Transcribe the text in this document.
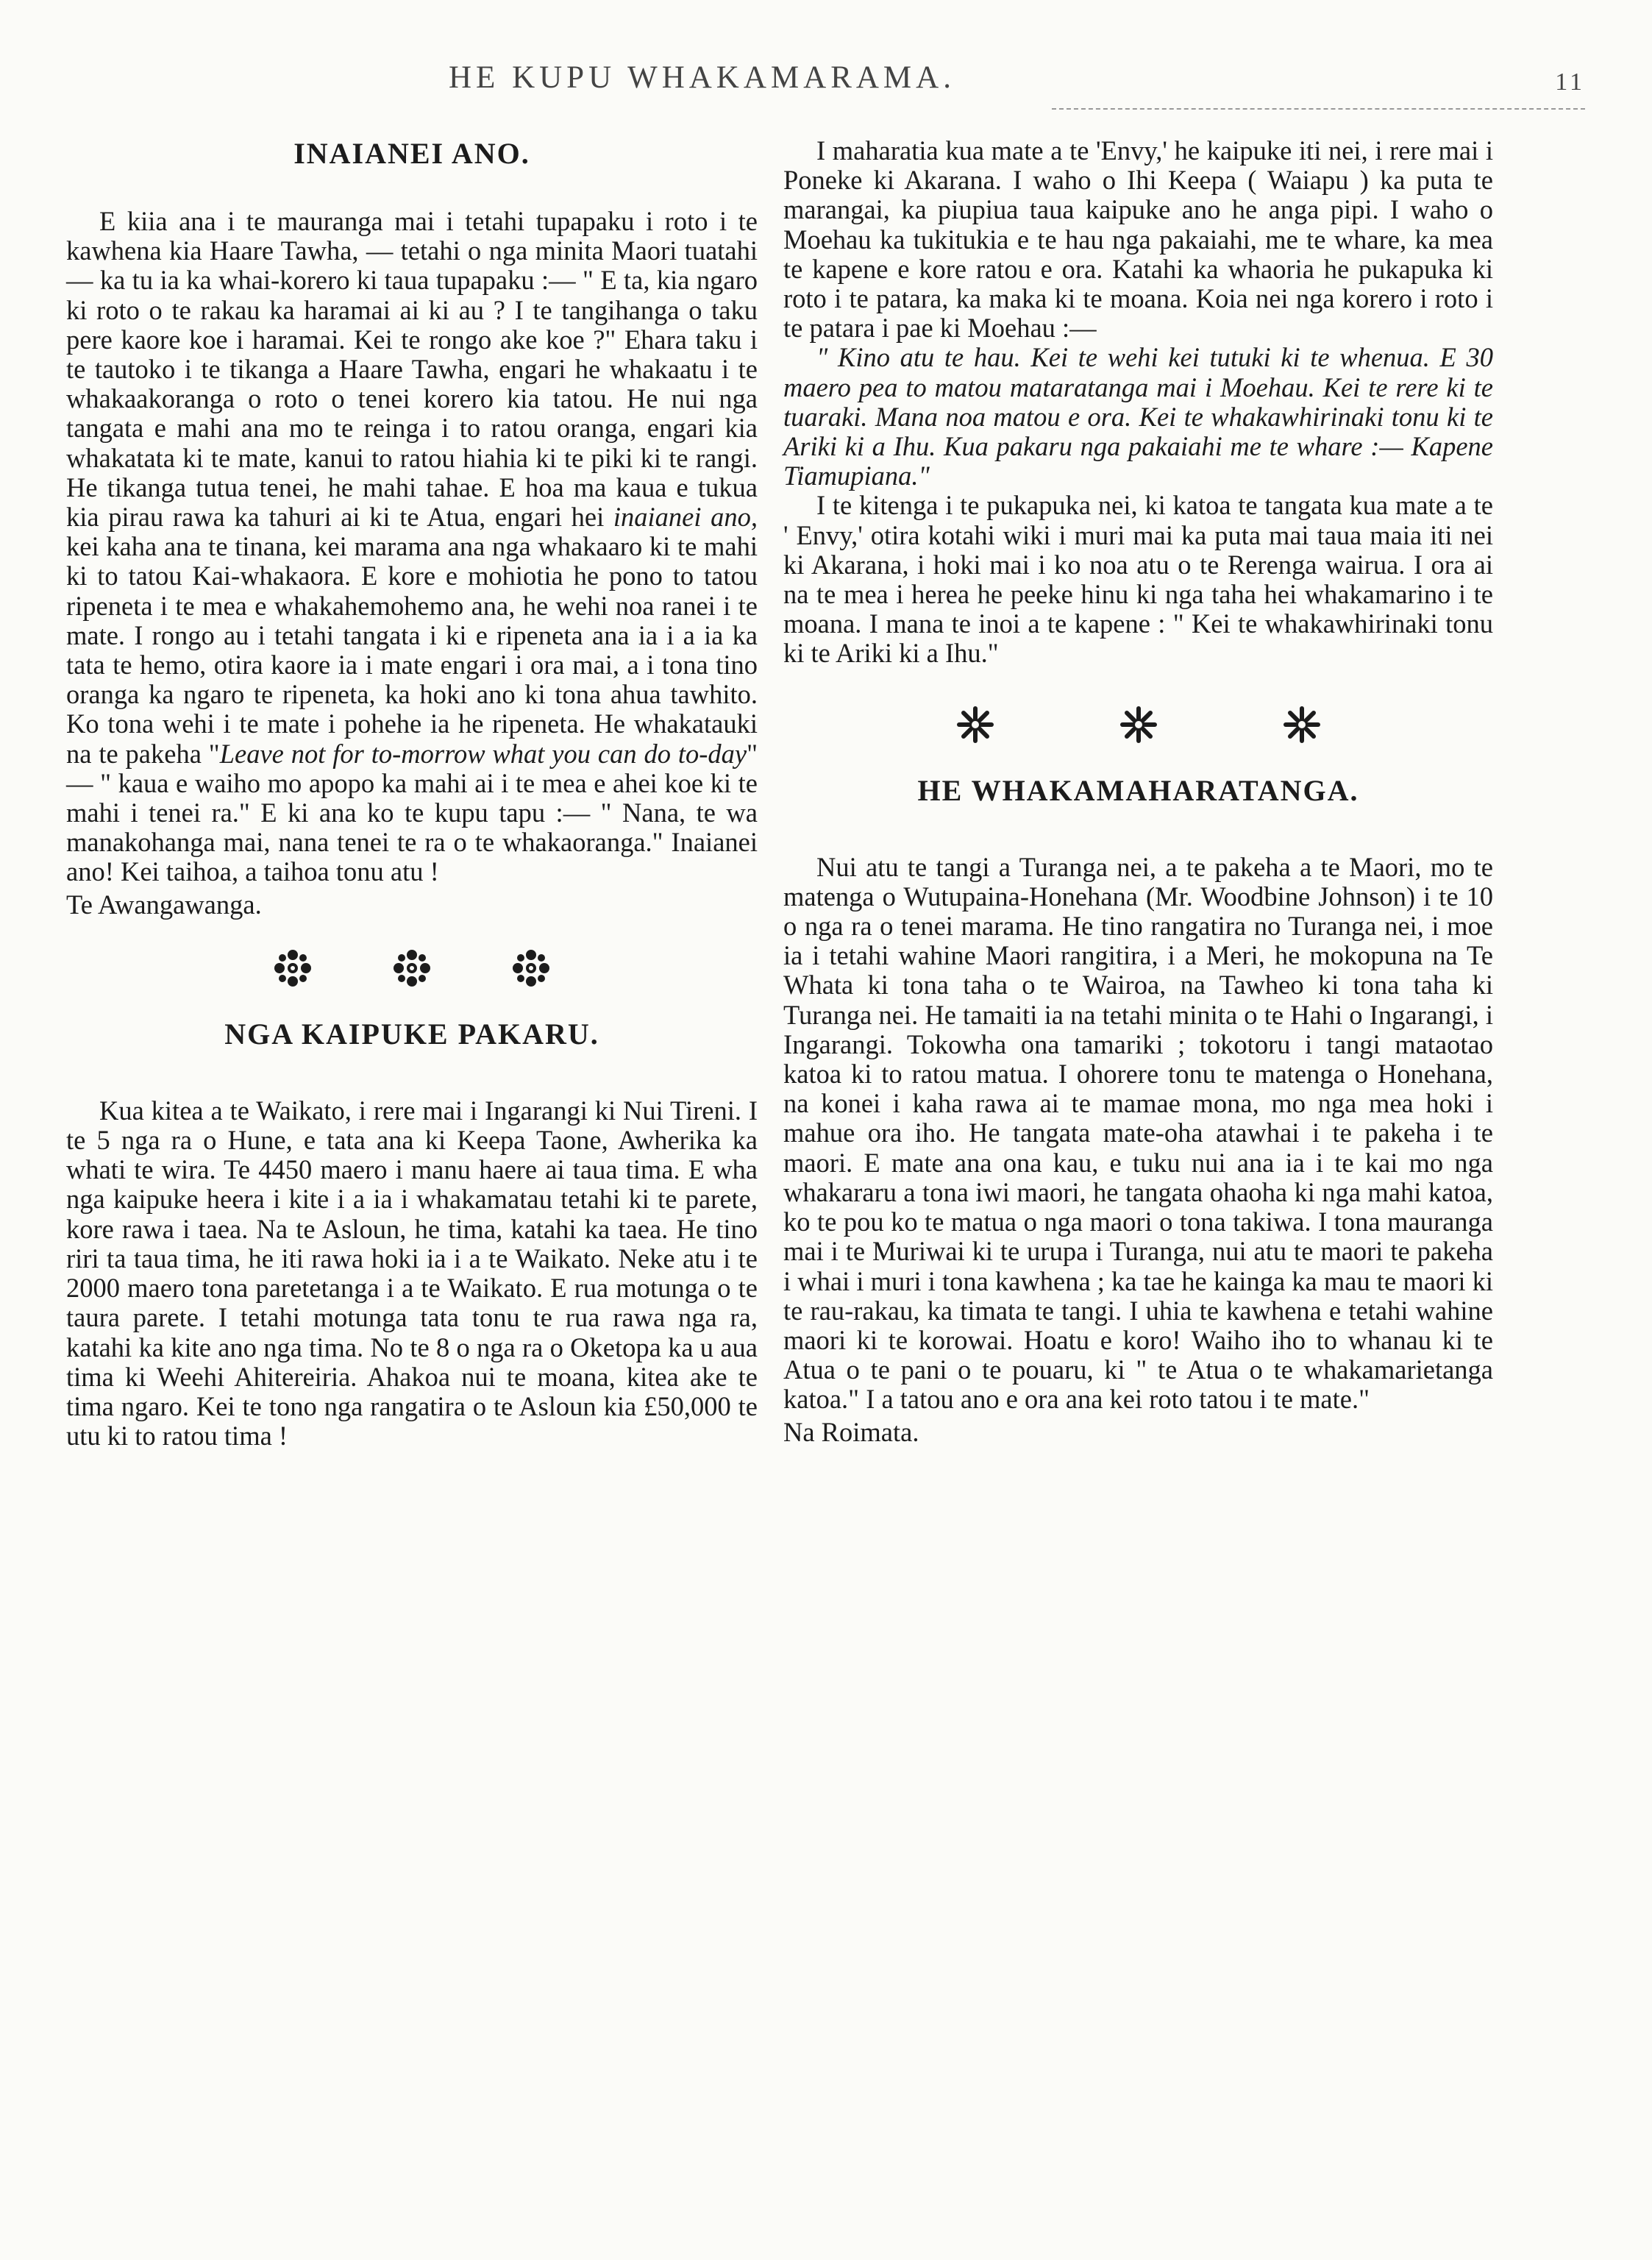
HE KUPU WHAKAMARAMA.	11
INAIANEI ANO.

E kiia ana i te mauranga mai i tetahi tupapaku i roto i te kawhena kia Haare Tawha, — tetahi o nga minita Maori tuatahi — ka tu ia ka whai-korero ki taua tupapaku :— " E ta, kia ngaro ki roto o te rakau ka haramai ai ki au ? I te tangihanga o taku pere kaore koe i haramai. Kei te rongo ake koe ?" Ehara taku i te tautoko i te tikanga a Haare Tawha, engari he whakaatu i te whakaakoranga o roto o tenei korero kia tatou. He nui nga tangata e mahi ana mo te reinga i to ratou oranga, engari kia whakatata ki te mate, kanui to ratou hiahia ki te piki ki te rangi. He tikanga tutua tenei, he mahi tahae. E hoa ma kaua e tukua kia pirau rawa ka tahuri ai ki te Atua, engari hei inaianei ano, kei kaha ana te tinana, kei marama ana nga whakaaro ki te mahi ki to tatou Kai-whakaora. E kore e mohiotia he pono to tatou ripeneta i te mea e whakahemohemo ana, he wehi noa ranei i te mate. I rongo au i tetahi tangata i ki e ripeneta ana ia i a ia ka tata te hemo, otira kaore ia i mate engari i ora mai, a i tona tino oranga ka ngaro te ripeneta, ka hoki ano ki tona ahua tawhito. Ko tona wehi i te mate i pohehe ia he ripeneta. He whakatauki na te pakeha "Leave not for to-morrow what you can do to-day" — " kaua e waiho mo apopo ka mahi ai i te mea e ahei koe ki te mahi i tenei ra." E ki ana ko te kupu tapu :— " Nana, te wa manakohanga mai, nana tenei te ra o te whakaoranga." Inaianei ano! Kei taihoa, a taihoa tonu atu !

Te Awangawanga.

NGA KAIPUKE PAKARU.

Kua kitea a te Waikato, i rere mai i Ingarangi ki Nui Tireni. I te 5 nga ra o Hune, e tata ana ki Keepa Taone, Awherika ka whati te wira. Te 4450 maero i manu haere ai taua tima. E wha nga kaipuke heera i kite i a ia i whakamatau tetahi ki te parete, kore rawa i taea. Na te Asloun, he tima, katahi ka taea. He tino riri ta taua tima, he iti rawa hoki ia i a te Waikato. Neke atu i te 2000 maero tona paretetanga i a te Waikato. E rua motunga o te taura parete. I tetahi motunga tata tonu te rua rawa nga ra, katahi ka kite ano nga tima. No te 8 o nga ra o Oketopa ka u aua tima ki Weehi Ahitereiria. Ahakoa nui te moana, kitea ake te tima ngaro. Kei te tono nga rangatira o te Asloun kia £50,000 te utu ki to ratou tima !

I maharatia kua mate a te 'Envy,' he kaipuke iti nei, i rere mai i Poneke ki Akarana. I waho o Ihi Keepa ( Waiapu ) ka puta te marangai, ka piupiua taua kaipuke ano he anga pipi. I waho o Moehau ka tukitukia e te hau nga pakaiahi, me te whare, ka mea te kapene e kore ratou e ora. Katahi ka whaoria he pukapuka ki roto i te patara, ka maka ki te moana. Koia nei nga korero i roto i te patara i pae ki Moehau :—

" Kino atu te hau. Kei te wehi kei tutuki ki te whenua. E 30 maero pea to matou mataratanga mai i Moehau. Kei te rere ki te tuaraki. Mana noa matou e ora. Kei te whakawhirinaki tonu ki te Ariki ki a Ihu. Kua pakaru nga pakaiahi me te whare :— Kapene Tiamupiana."

I te kitenga i te pukapuka nei, ki katoa te tangata kua mate a te ' Envy,' otira kotahi wiki i muri mai ka puta mai taua maia iti nei ki Akarana, i hoki mai i ko noa atu o te Rerenga wairua. I ora ai na te mea i herea he peeke hinu ki nga taha hei whakamarino i te moana. I mana te inoi a te kapene : " Kei te whakawhirinaki tonu ki te Ariki ki a Ihu."

HE WHAKAMAHARATANGA.

Nui atu te tangi a Turanga nei, a te pakeha a te Maori, mo te matenga o Wutupaina-Honehana (Mr. Woodbine Johnson) i te 10 o nga ra o tenei marama. He tino rangatira no Turanga nei, i moe ia i tetahi wahine Maori rangitira, i a Meri, he mokopuna na Te Whata ki tona taha o te Wairoa, na Tawheo ki tona taha ki Turanga nei. He tamaiti ia na tetahi minita o te Hahi o Ingarangi, i Ingarangi. Tokowha ona tamariki ; tokotoru i tangi mataotao katoa ki to ratou matua. I ohorere tonu te matenga o Honehana, na konei i kaha rawa ai te mamae mona, mo nga mea hoki i mahue ora iho. He tangata mate-oha atawhai i te pakeha i te maori. E mate ana ona kau, e tuku nui ana ia i te kai mo nga whakararu a tona iwi maori, he tangata ohaoha ki nga mahi katoa, ko te pou ko te matua o nga maori o tona takiwa. I tona mauranga mai i te Muriwai ki te urupa i Turanga, nui atu te maori te pakeha i whai i muri i tona kawhena ; ka tae he kainga ka mau te maori ki te rau-rakau, ka timata te tangi. I uhia te kawhena e tetahi wahine maori ki te korowai. Hoatu e koro! Waiho iho to whanau ki te Atua o te pani o te pouaru, ki " te Atua o te whakamarietanga katoa." I a tatou ano e ora ana kei roto tatou i te mate."

Na Roimata.
